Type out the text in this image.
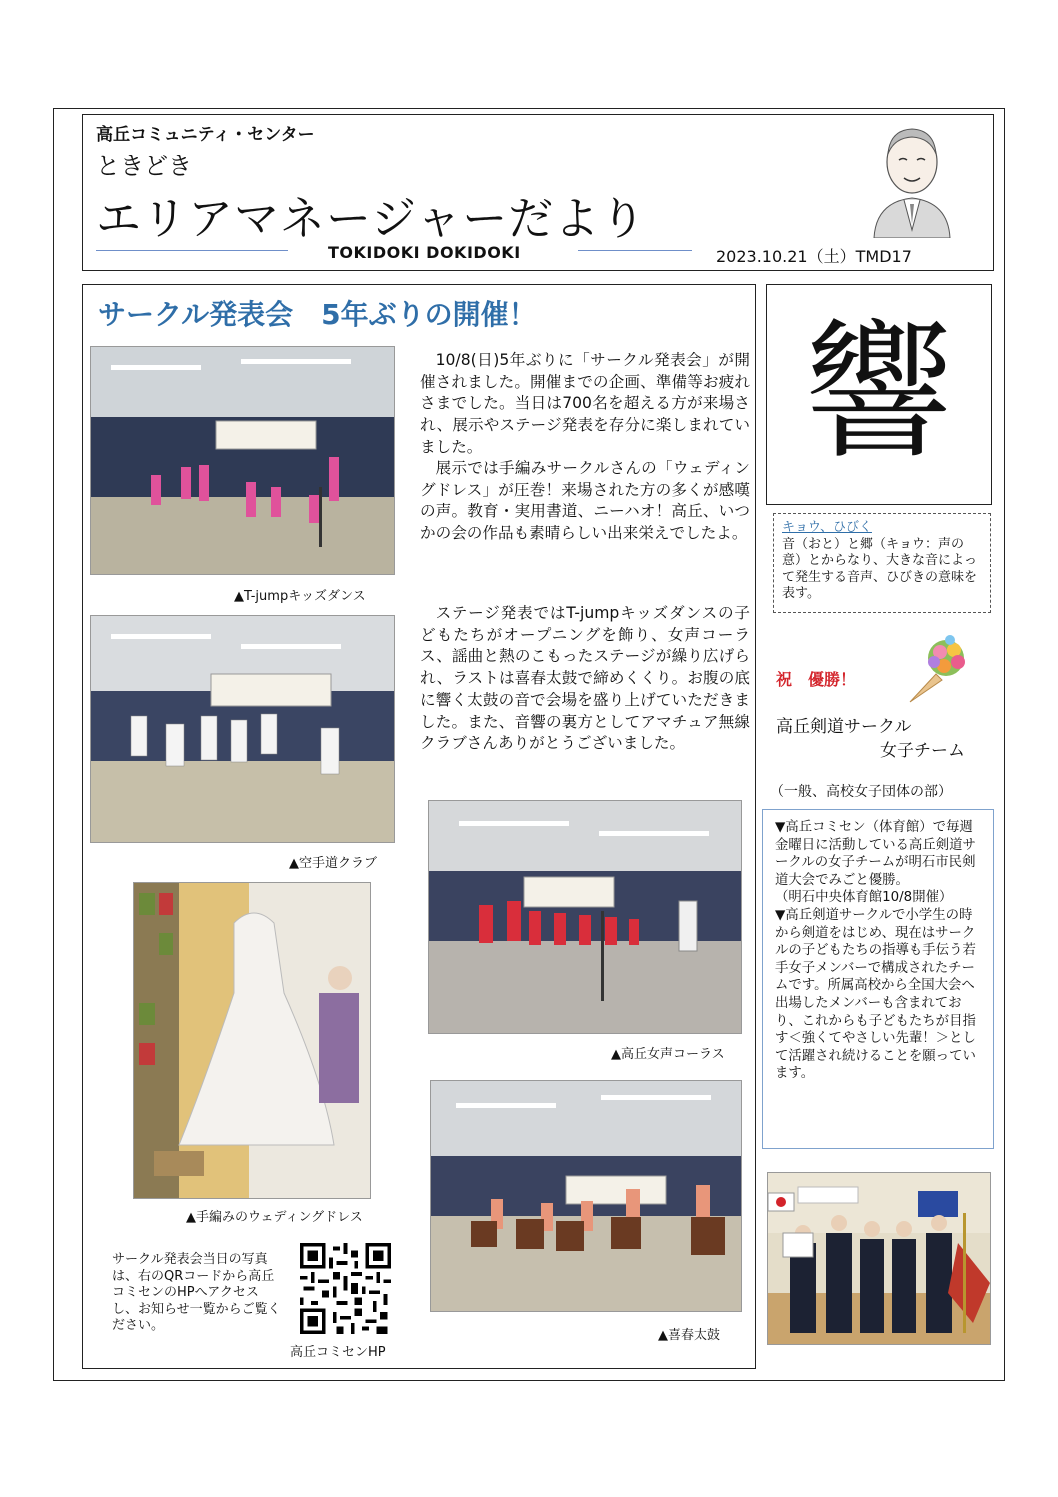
高丘コミュニティ・センター
ときどき
エリアマネージャーだより
TOKIDOKI DOKIDOKI	2023.10.21（土）TMD17
サークル発表会　5年ぶりの開催！
▲T-jumpキッズダンス
▲空手道クラブ
▲手編みのウェディングドレス
10/8(日)5年ぶりに「サークル発表会」が開催されました。開催までの企画、準備等お疲れさまでした。当日は700名を超える方が来場され、展示やステージ発表を存分に楽しまれていました。
展示では手編みサークルさんの「ウェディングドレス」が圧巻！来場された方の多くが感嘆の声。教育・実用書道、ニーハオ！高丘、いつかの会の作品も素晴らしい出来栄えでしたよ。
ステージ発表ではT-jumpキッズダンスの子どもたちがオープニングを飾り、女声コーラス、謡曲と熱のこもったステージが繰り広げられ、ラストは喜春太鼓で締めくくり。お腹の底に響く太鼓の音で会場を盛り上げていただきました。また、音響の裏方としてアマチュア無線クラブさんありがとうございました。
▲高丘女声コーラス
▲喜春太鼓
サークル発表会当日の写真は、右のQRコードから高丘コミセンのHPへアクセスし、お知らせ一覧からご覧ください。
高丘コミセンHP
響
キョウ、ひびく
音（おと）と郷（キョウ：声の意）とからなり、大きな音によって発生する音声、ひびきの意味を表す。
祝　優勝！
高丘剣道サークル
女子チーム
（一般、高校女子団体の部）

▼高丘コミセン（体育館）で毎週金曜日に活動している高丘剣道サークルの女子チームが明石市民剣道大会でみごと優勝。

（明石中央体育館10/8開催）

▼高丘剣道サークルで小学生の時から剣道をはじめ、現在はサークルの子どもたちの指導も手伝う若手女子メンバーで構成されたチームです。所属高校から全国大会へ出場したメンバーも含まれており、これからも子どもたちが目指す＜強くてやさしい先輩！＞として活躍され続けることを願っています。
